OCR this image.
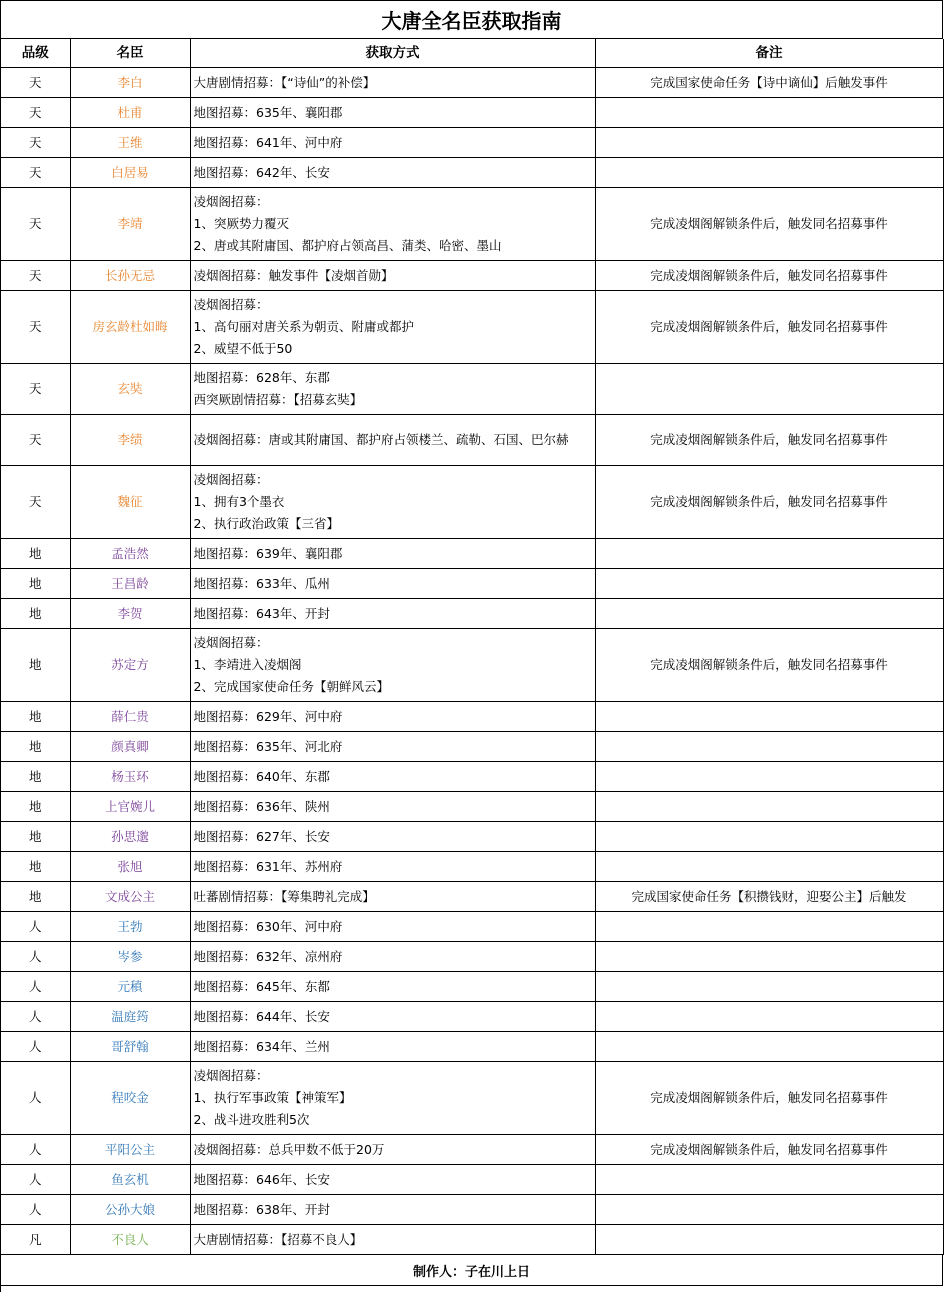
大唐全名臣获取指南
品级	名臣	获取方式	备注
天	李白	大唐剧情招募：【“诗仙”的补偿】	完成国家使命任务【诗中谪仙】后触发事件
天	杜甫	地图招募：635年、襄阳郡	

天	王维	地图招募：641年、河中府	

天	白居易	地图招募：642年、长安	

天	李靖	凌烟阁招募：
1、突厥势力覆灭
2、唐或其附庸国、都护府占领高昌、蒲类、哈密、墨山	完成凌烟阁解锁条件后，触发同名招募事件
天	长孙无忌	凌烟阁招募：触发事件【凌烟首勋】	完成凌烟阁解锁条件后，触发同名招募事件
天	房玄龄杜如晦	凌烟阁招募：
1、高句丽对唐关系为朝贡、附庸或都护
2、威望不低于50	完成凌烟阁解锁条件后，触发同名招募事件
天	玄奘	地图招募：628年、东郡
西突厥剧情招募：【招募玄奘】	

天	李绩	凌烟阁招募：唐或其附庸国、都护府占领楼兰、疏勒、石国、巴尔赫	完成凌烟阁解锁条件后，触发同名招募事件
天	魏征	凌烟阁招募：
1、拥有3个墨衣
2、执行政治政策【三省】	完成凌烟阁解锁条件后，触发同名招募事件
地	孟浩然	地图招募：639年、襄阳郡	

地	王昌龄	地图招募：633年、瓜州	

地	李贺	地图招募：643年、开封	

地	苏定方	凌烟阁招募：
1、李靖进入凌烟阁
2、完成国家使命任务【朝鲜风云】	完成凌烟阁解锁条件后，触发同名招募事件
地	薛仁贵	地图招募：629年、河中府	

地	颜真卿	地图招募：635年、河北府	

地	杨玉环	地图招募：640年、东郡	

地	上官婉儿	地图招募：636年、陕州	

地	孙思邈	地图招募：627年、长安	

地	张旭	地图招募：631年、苏州府	

地	文成公主	吐蕃剧情招募：【筹集聘礼完成】	完成国家使命任务【积攒钱财，迎娶公主】后触发
人	王勃	地图招募：630年、河中府	

人	岑参	地图招募：632年、凉州府	

人	元稹	地图招募：645年、东都	

人	温庭筠	地图招募：644年、长安	

人	哥舒翰	地图招募：634年、兰州	

人	程咬金	凌烟阁招募：
1、执行军事政策【神策军】
2、战斗进攻胜利5次	完成凌烟阁解锁条件后，触发同名招募事件
人	平阳公主	凌烟阁招募：总兵甲数不低于20万	完成凌烟阁解锁条件后，触发同名招募事件
人	鱼玄机	地图招募：646年、长安	

人	公孙大娘	地图招募：638年、开封	

凡	不良人	大唐剧情招募：【招募不良人】	

制作人：子在川上日
